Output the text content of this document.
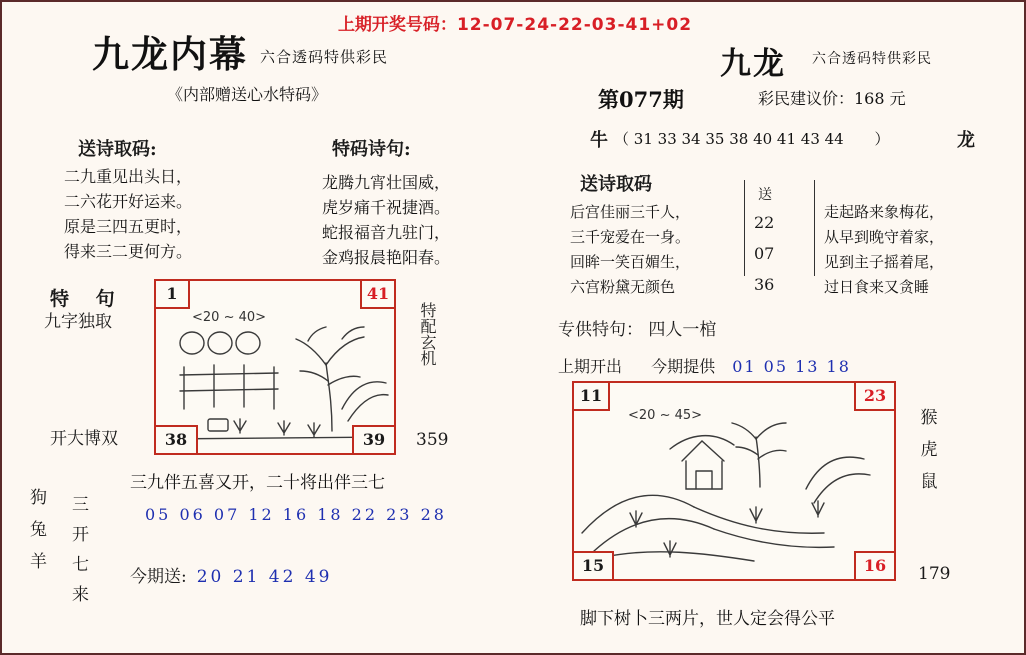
上期开奖号码：12-07-24-22-03-41+02
九龙内幕 六合透码特供彩民
《内部赠送心水特码》
九龙 六合透码特供彩民
第077期	彩民建议价：168 元
牛 （ 31 33 34 35 38 40 41 43 44 ）	龙
送诗取码:
二九重见出头日，
二六花开好运来。
原是三四五更时，
得来三二更何方。
特码诗句:
龙腾九宵壮国威，
虎岁痛千祝捷酒。
蛇报福音九驻门，
金鸡报晨艳阳春。
送诗取码
后宫佳丽三千人，
三千宠爱在一身。
回眸一笑百媚生，
六宫粉黛无颜色
送
22
07
36
走起路来象梅花，
从早到晚守着家，
见到主子摇着尾，
过日食来又贪睡
专供特句： 四人一棺
上期开出 今期提供 01 05 13 18
特 句
九字独取
开大博双
狗
兔
羊
三
开
七
来
特配玄机
<20 ~ 40>
1	41
38	39	359
三九伴五喜又开，二十将出伴三七
05 06 07 12 16 18 22 23 28
今期送: 20 21 42 49
<20 ~ 45>
11	23
15	16
猴
虎
鼠
179
脚下树卜三两片，世人定会得公平
